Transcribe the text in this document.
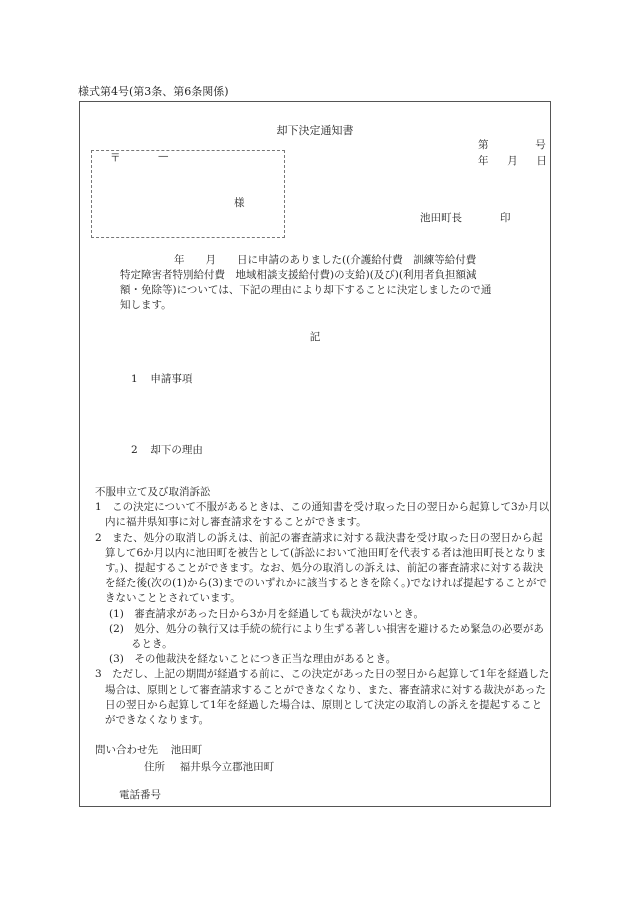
様式第4号(第3条、第6条関係)
却下決定通知書
第	号
年 月 日
〒	—
様
池田町長	印

年　　月　　日に申請のありました((介護給付費　訓練等給付費

特定障害者特別給付費　地域相談支援給付費)の支給)(及び)(利用者負担額減

額・免除等)については、下記の理由により却下することに決定しましたので通

知します。

記
1 申請事項
2 却下の理由

不服申立て及び取消訴訟

1　この決定について不服があるときは、この通知書を受け取った日の翌日から起算して3か月以内に福井県知事に対し審査請求をすることができます。

2　また、処分の取消しの訴えは、前記の審査請求に対する裁決書を受け取った日の翌日から起算して6か月以内に池田町を被告として(訴訟において池田町を代表する者は池田町長となります。)、提起することができます。なお、処分の取消しの訴えは、前記の審査請求に対する裁決を経た後(次の(1)から(3)までのいずれかに該当するときを除く。)でなければ提起することができないこととされています。

(1)　審査請求があった日から3か月を経過しても裁決がないとき。

(2)　処分、処分の執行又は手続の続行により生ずる著しい損害を避けるため緊急の必要があるとき。

(3)　その他裁決を経ないことにつき正当な理由があるとき。

3　ただし、上記の期間が経過する前に、この決定があった日の翌日から起算して1年を経過した場合は、原則として審査請求することができなくなり、また、審査請求に対する裁決があった日の翌日から起算して1年を経過した場合は、原則として決定の取消しの訴えを提起することができなくなります。

問い合わせ先 池田町
住所 福井県今立郡池田町
電話番号
